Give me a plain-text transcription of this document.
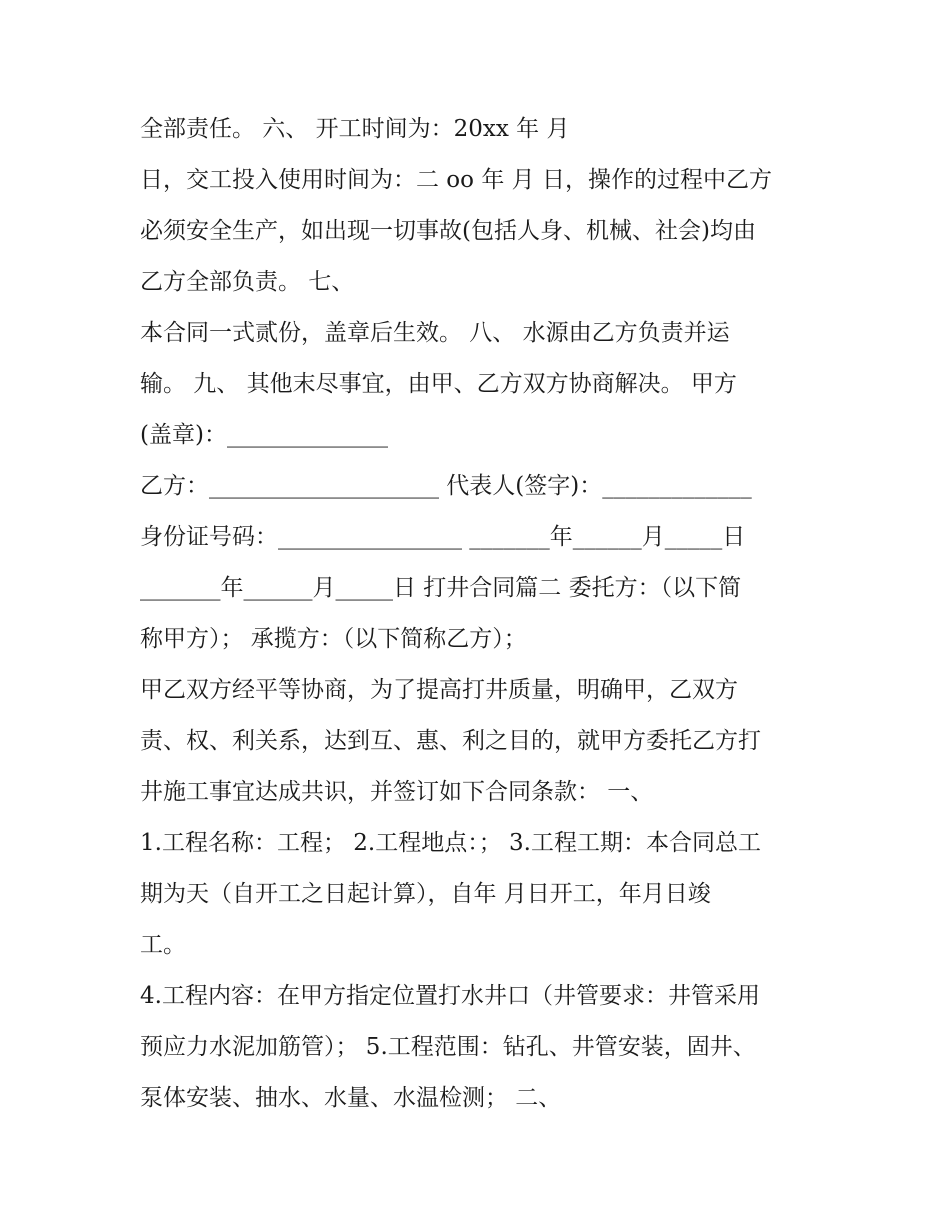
全部责任。 六、 开工时间为：20xx 年 月
日，交工投入使用时间为：二 oo 年 月 日，操作的过程中乙方
必须安全生产，如出现一切事故(包括人身、机械、社会)均由
乙方全部负责。 七、
本合同一式贰份，盖章后生效。 八、 水源由乙方负责并运
输。 九、 其他末尽事宜，由甲、乙方双方协商解决。 甲方
(盖章)：______________
乙方：____________________ 代表人(签字)：_____________
身份证号码：________________ _______年______月_____日
_______年______月_____日 打井合同篇二 委托方：（以下简
称甲方）； 承揽方：（以下简称乙方）；
甲乙双方经平等协商，为了提高打井质量，明确甲，乙双方
责、权、利关系，达到互、惠、利之目的，就甲方委托乙方打
井施工事宜达成共识，并签订如下合同条款： 一、
1.工程名称：工程； 2.工程地点：； 3.工程工期：本合同总工
期为天（自开工之日起计算），自年 月日开工，年月日竣
工。
4.工程内容：在甲方指定位置打水井口（井管要求：井管采用
预应力水泥加筋管）； 5.工程范围：钻孔、井管安装，固井、
泵体安装、抽水、水量、水温检测； 二、
